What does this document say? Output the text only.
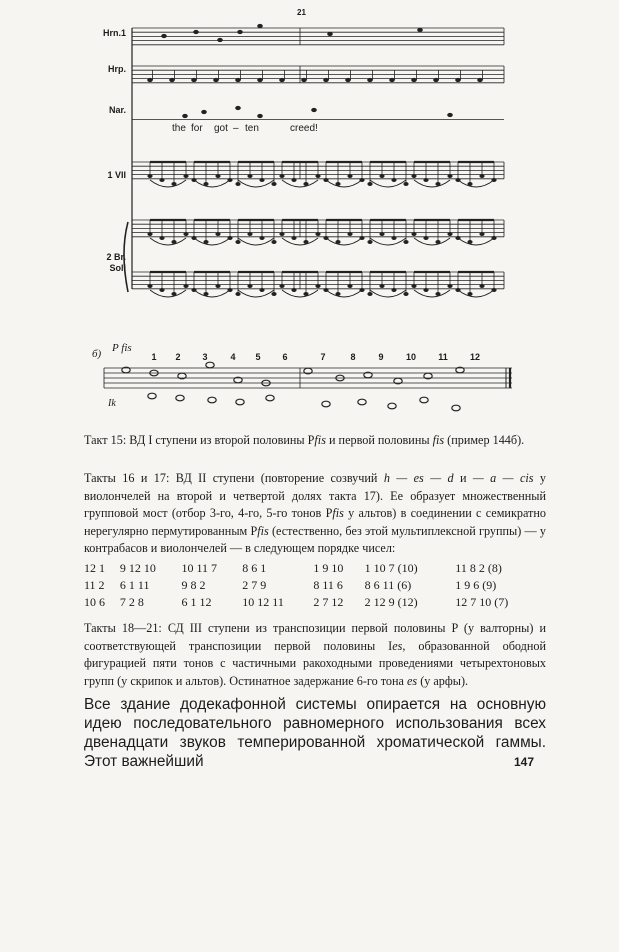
Hrn.1
Hrp.
Nar.
1 VII
2 Br.
Soli
21
the for got – ten	creed!
б) P fis
Ik
1	2	3	4	5	6	7	8	9	10	11	12

Такт 15: ВД I ступени из второй половины Pfis и первой половины fis (пример 144б).

Такты 16 и 17: ВД II ступени (повторение созвучий h — es — d и — a — cis у виолончелей на второй и четвертой долях такта 17). Ее образует множественный групповой мост (отбор 3-го, 4-го, 5-го тонов Pfis у альтов) в соединении с семикратно нерегулярно пермутированным Pfis (естественно, без этой мультиплексной группы) — у контрабасов и виолончелей — в следующем порядке чисел:

12 1	9 12 10	10 11 7	8 6 1	1 9 10	1 10 7 (10)	11 8 2 (8)
11 2	6 1 11	9 8 2	2 7 9	8 11 6	8 6 11 (6)	1 9 6 (9)
10 6	7 2 8	6 1 12	10 12 11	2 7 12	2 12 9 (12)	12 7 10 (7)

Такты 18—21: СД III ступени из транспозиции первой половины P (у валторны) и соответствующей транспозиции первой половины Ies, образованной ободной фигурацией пяти тонов с частичными ракоходными проведениями четырехтоновых групп (у скрипок и альтов). Остинатное задержание 6-го тона es (у арфы).

Все здание додекафонной системы опирается на основную идею последовательного равномерного использования всех двенадцати звуков темперированной хроматической гаммы. Этот важнейший	147
